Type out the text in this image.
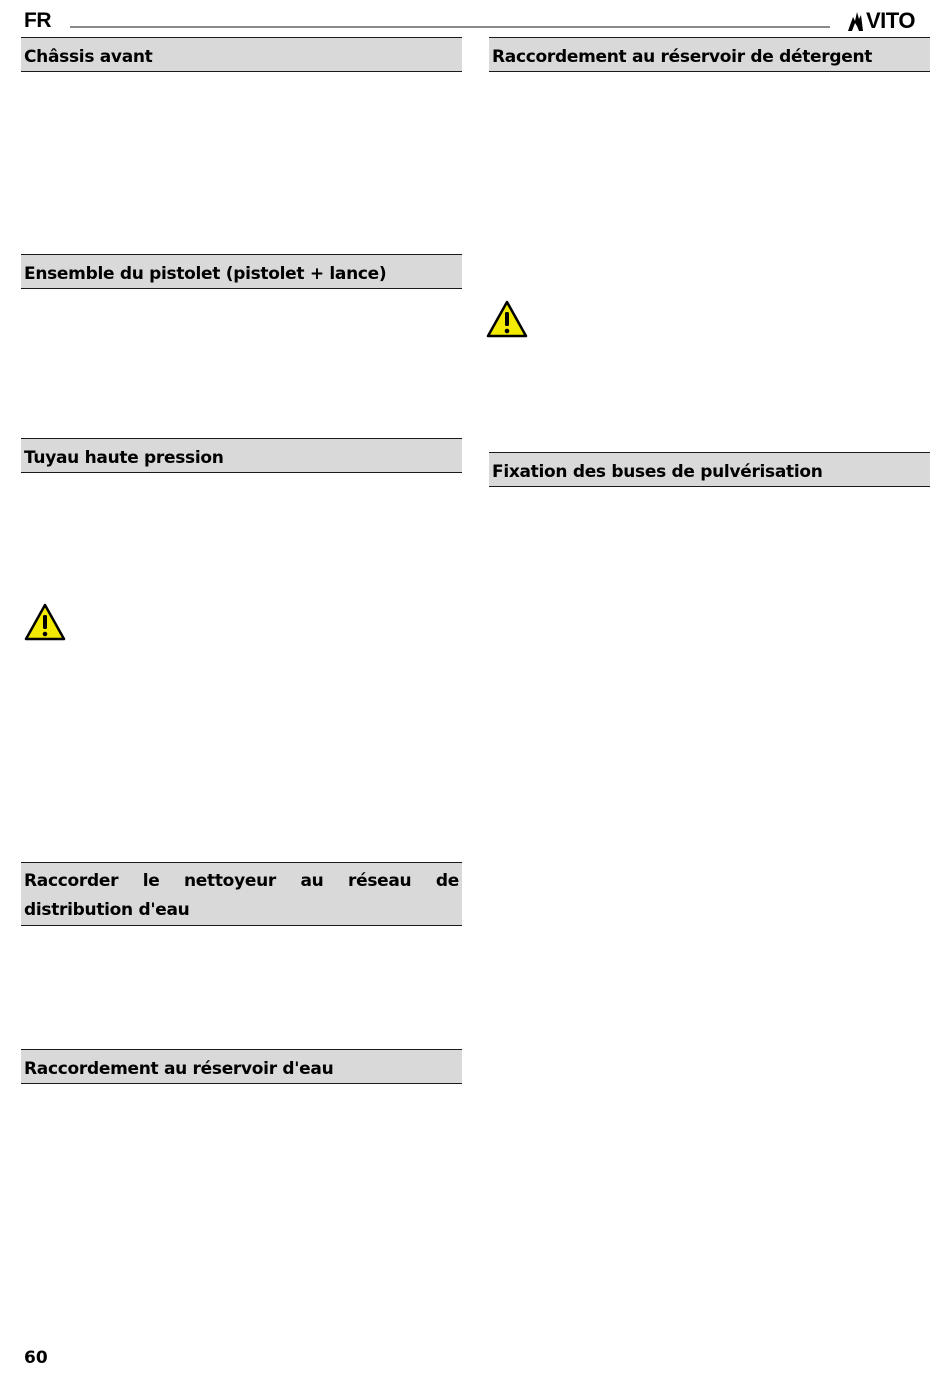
FR	VITO
Châssis avant
Ensemble du pistolet (pistolet + lance)
Tuyau haute pression
Raccorder le nettoyeur au réseau de distribution d'eau
Raccordement au réservoir d'eau
Raccordement au réservoir de détergent
Fixation des buses de pulvérisation
60
